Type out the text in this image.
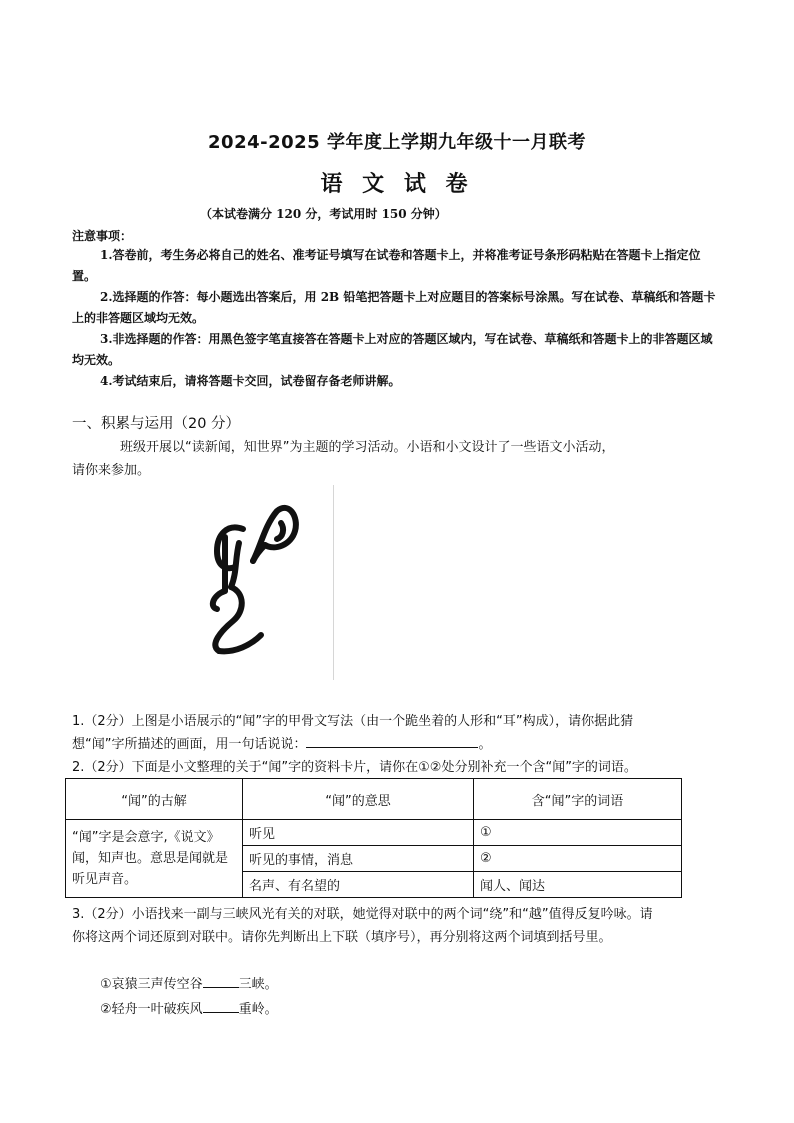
2024-2025 学年度上学期九年级十一月联考
语 文 试 卷
（本试卷满分 120 分，考试用时 150 分钟）
注意事项：

1.答卷前，考生务必将自己的姓名、准考证号填写在试卷和答题卡上，并将准考证号条形码粘贴在答题卡上指定位置。

2.选择题的作答：每小题选出答案后，用 2B 铅笔把答题卡上对应题目的答案标号涂黑。写在试卷、草稿纸和答题卡上的非答题区域均无效。

3.非选择题的作答：用黑色签字笔直接答在答题卡上对应的答题区域内，写在试卷、草稿纸和答题卡上的非答题区域均无效。

4.考试结束后，请将答题卡交回，试卷留存备老师讲解。

一、积累与运用（20 分）
班级开展以“读新闻，知世界”为主题的学习活动。小语和小文设计了一些语文小活动，
请你来参加。
1.（2分）上图是小语展示的“闻”字的甲骨文写法（由一个跪坐着的人形和“耳”构成），请你据此猜
想“闻”字所描述的画面，用一句话说说：	。
2.（2分）下面是小文整理的关于“闻”字的资料卡片，请你在①②处分别补充一个含“闻”字的词语。
“闻”的古解	“闻”的意思	含“闻”字的词语
“闻”字是会意字,《说文》闻，知声也。意思是闻就是听见声音。	听见	①
	听见的事情，消息	②
	名声、有名望的	闻人、闻达
3.（2分）小语找来一副与三峡风光有关的对联，她觉得对联中的两个词“绕”和“越”值得反复吟咏。请
你将这两个词还原到对联中。请你先判断出上下联（填序号），再分别将这两个词填到括号里。
①哀猿三声传空谷	三峡。
②轻舟一叶破疾风	重岭。
